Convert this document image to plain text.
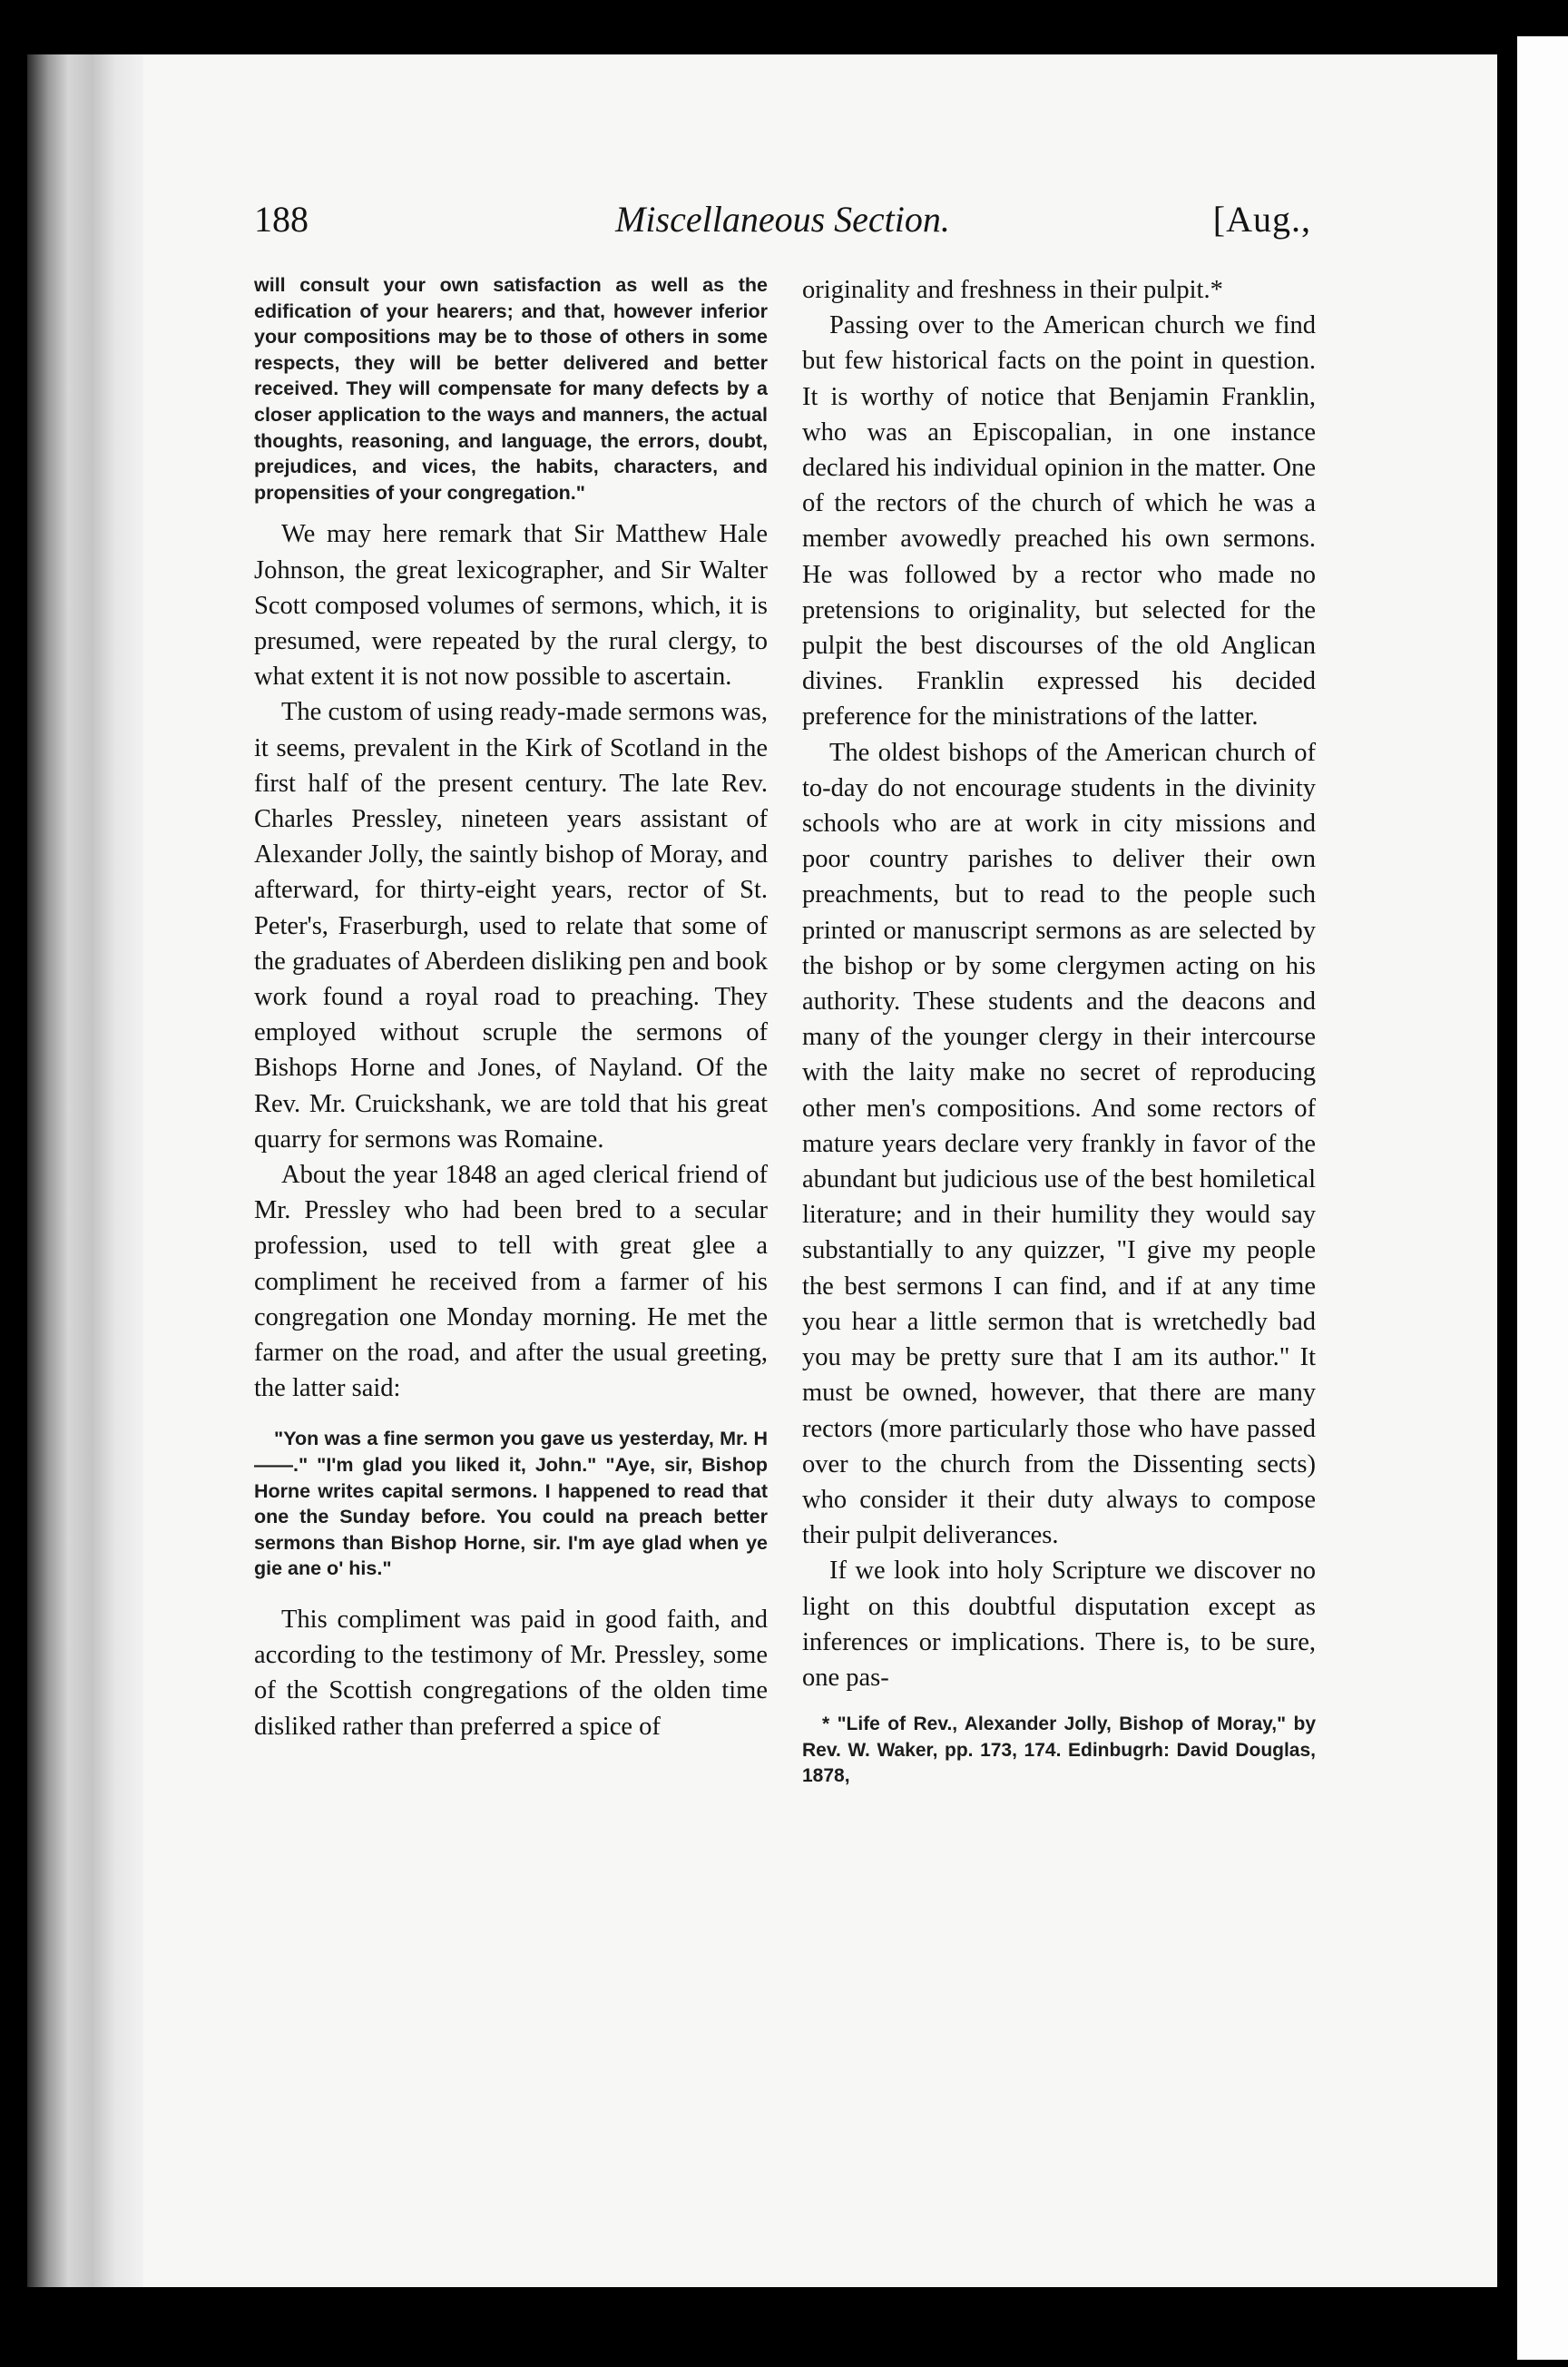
188	Miscellaneous Section.	[Aug.,

will consult your own satisfaction as well as the edification of your hearers; and that, however inferior your compositions may be to those of others in some respects, they will be better delivered and better received. They will compensate for many defects by a closer application to the ways and manners, the actual thoughts, reasoning, and language, the errors, doubt, prejudices, and vices, the habits, characters, and propensities of your congregation."

We may here remark that Sir Matthew Hale Johnson, the great lexicographer, and Sir Walter Scott composed volumes of sermons, which, it is presumed, were repeated by the rural clergy, to what extent it is not now possible to ascertain.

The custom of using ready-made sermons was, it seems, prevalent in the Kirk of Scotland in the first half of the present century. The late Rev. Charles Pressley, nineteen years assistant of Alexander Jolly, the saintly bishop of Moray, and afterward, for thirty-eight years, rector of St. Peter's, Fraserburgh, used to relate that some of the graduates of Aberdeen disliking pen and book work found a royal road to preaching. They employed without scruple the sermons of Bishops Horne and Jones, of Nayland. Of the Rev. Mr. Cruickshank, we are told that his great quarry for sermons was Romaine.

About the year 1848 an aged clerical friend of Mr. Pressley who had been bred to a secular profession, used to tell with great glee a compliment he received from a farmer of his congregation one Monday morning. He met the farmer on the road, and after the usual greeting, the latter said:

"Yon was a fine sermon you gave us yesterday, Mr. H——." "I'm glad you liked it, John." "Aye, sir, Bishop Horne writes capital sermons. I happened to read that one the Sunday before. You could na preach better sermons than Bishop Horne, sir. I'm aye glad when ye gie ane o' his."

This compliment was paid in good faith, and according to the testimony of Mr. Pressley, some of the Scottish congregations of the olden time disliked rather than preferred a spice of

originality and freshness in their pulpit.*

Passing over to the American church we find but few historical facts on the point in question. It is worthy of notice that Benjamin Franklin, who was an Episcopalian, in one instance declared his individual opinion in the matter. One of the rectors of the church of which he was a member avowedly preached his own sermons. He was followed by a rector who made no pretensions to originality, but selected for the pulpit the best discourses of the old Anglican divines. Franklin expressed his decided preference for the ministrations of the latter.

The oldest bishops of the American church of to-day do not encourage students in the divinity schools who are at work in city missions and poor country parishes to deliver their own preachments, but to read to the people such printed or manuscript sermons as are selected by the bishop or by some clergymen acting on his authority. These students and the deacons and many of the younger clergy in their intercourse with the laity make no secret of reproducing other men's compositions. And some rectors of mature years declare very frankly in favor of the abundant but judicious use of the best homiletical literature; and in their humility they would say substantially to any quizzer, "I give my people the best sermons I can find, and if at any time you hear a little sermon that is wretchedly bad you may be pretty sure that I am its author." It must be owned, however, that there are many rectors (more particularly those who have passed over to the church from the Dissenting sects) who consider it their duty always to compose their pulpit deliverances.

If we look into holy Scripture we discover no light on this doubtful disputation except as inferences or implications. There is, to be sure, one pas-

* "Life of Rev., Alexander Jolly, Bishop of Moray," by Rev. W. Waker, pp. 173, 174. Edinbugrh: David Douglas, 1878,
